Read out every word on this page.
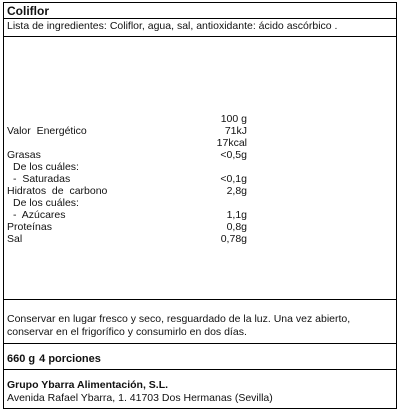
Coliflor
Lista de ingredientes: Coliflor, agua, sal, antioxidante: ácido ascórbico .
100 g
Valor  Energético	71kJ
17kcal
Grasas	<0,5g
De los cuáles:
-  Saturadas	<0,1g
Hidratos  de  carbono	2,8g
De los cuáles:
-  Azúcares	1,1g
Proteínas	0,8g
Sal	0,78g
Conservar en lugar fresco y seco, resguardado de la luz. Una vez abierto,
conservar en el frigorífico y consumirlo en dos días.
660 g 4 porciones
Grupo Ybarra Alimentación, S.L.
Avenida Rafael Ybarra, 1. 41703 Dos Hermanas (Sevilla)
